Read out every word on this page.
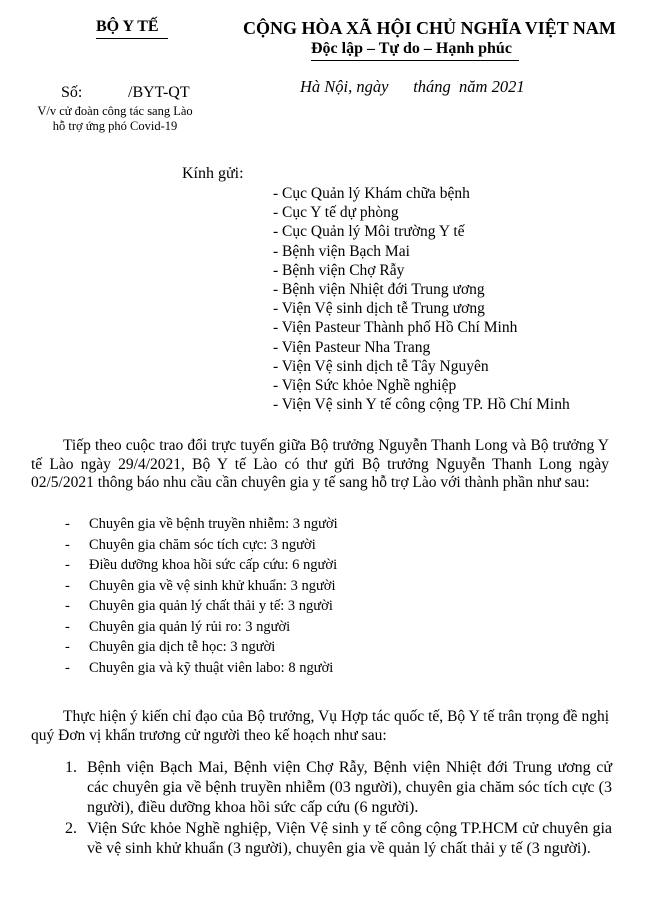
BỘ Y TẾ	CỘNG HÒA XÃ HỘI CHỦ NGHĨA VIỆT NAM
Độc lập – Tự do – Hạnh phúc
Số:	/BYT-QT
V/v cử đoàn công tác sang Lào
hỗ trợ ứng phó Covid-19
Hà Nội, ngày      tháng  năm 2021
Kính gửi:
- Cục Quản lý Khám chữa bệnh
- Cục Y tế dự phòng
- Cục Quản lý Môi trường Y tế
- Bệnh viện Bạch Mai
- Bệnh viện Chợ Rẫy
- Bệnh viện Nhiệt đới Trung ương
- Viện Vệ sinh dịch tễ Trung ương
- Viện Pasteur Thành phố Hồ Chí Minh
- Viện Pasteur Nha Trang
- Viện Vệ sinh dịch tễ Tây Nguyên
- Viện Sức khỏe Nghề nghiệp
- Viện Vệ sinh Y tế công cộng TP. Hồ Chí Minh

Tiếp theo cuộc trao đổi trực tuyến giữa Bộ trưởng Nguyễn Thanh Long và Bộ trưởng Y tế Lào ngày 29/4/2021, Bộ Y tế Lào có thư gửi Bộ trưởng Nguyễn Thanh Long ngày 02/5/2021 thông báo nhu cầu cần chuyên gia y tế sang hỗ trợ Lào với thành phần như sau:

- Chuyên gia về bệnh truyền nhiễm: 3 người
- Chuyên gia chăm sóc tích cực: 3 người
- Điều dưỡng khoa hồi sức cấp cứu: 6 người
- Chuyên gia về vệ sinh khử khuẩn: 3 người
- Chuyên gia quản lý chất thải y tế: 3 người
- Chuyên gia quản lý rủi ro: 3 người
- Chuyên gia dịch tễ học: 3 người
- Chuyên gia và kỹ thuật viên labo: 8 người

Thực hiện ý kiến chỉ đạo của Bộ trưởng, Vụ Hợp tác quốc tế, Bộ Y tế trân trọng đề nghị quý Đơn vị khẩn trương cử người theo kế hoạch như sau:

1. Bệnh viện Bạch Mai, Bệnh viện Chợ Rẫy, Bệnh viện Nhiệt đới Trung ương cử các chuyên gia về bệnh truyền nhiễm (03 người), chuyên gia chăm sóc tích cực (3 người), điều dưỡng khoa hồi sức cấp cứu (6 người).
2. Viện Sức khỏe Nghề nghiệp, Viện Vệ sinh y tế công cộng TP.HCM cử chuyên gia về vệ sinh khử khuẩn (3 người), chuyên gia về quản lý chất thải y tế (3 người).
